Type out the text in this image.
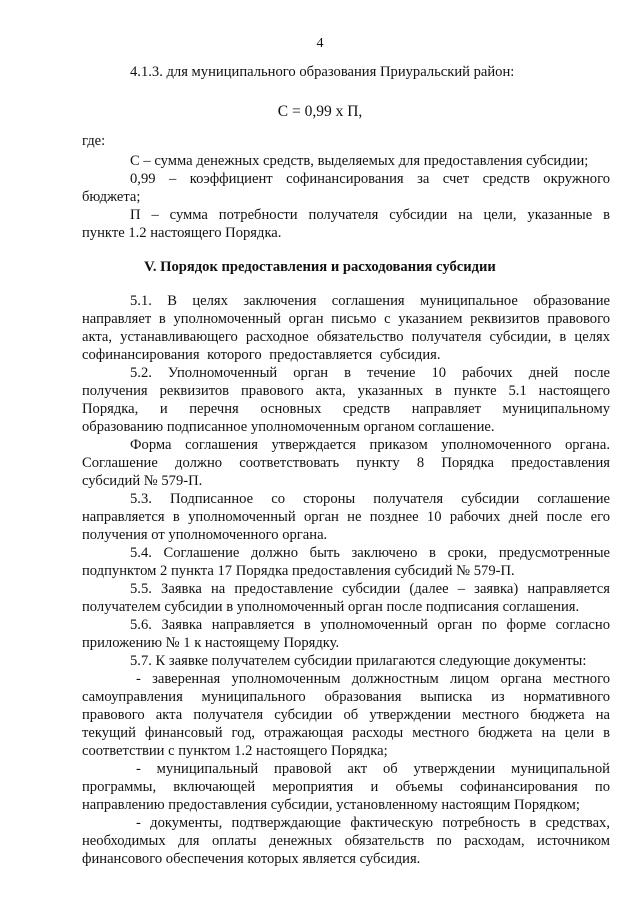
4
4.1.3. для муниципального образования Приуральский район:
С = 0,99 х П,
где:
С – сумма денежных средств, выделяемых для предоставления субсидии;
0,99 – коэффициент софинансирования за счет средств окружного
бюджета;
П – сумма потребности получателя субсидии на цели, указанные в
пункте 1.2 настоящего Порядка.
V. Порядок предоставления и расходования субсидии
5.1. В целях заключения соглашения муниципальное образование
направляет в уполномоченный орган письмо с указанием реквизитов правового
акта, устанавливающего расходное обязательство получателя субсидии, в целях
софинансирования которого предоставляется субсидия.
5.2. Уполномоченный орган в течение 10 рабочих дней после
получения реквизитов правового акта, указанных в пункте 5.1 настоящего
Порядка, и перечня основных средств направляет муниципальному
образованию подписанное уполномоченным органом соглашение.
Форма соглашения утверждается приказом уполномоченного органа.
Соглашение должно соответствовать пункту 8 Порядка предоставления
субсидий № 579-П.
5.3. Подписанное со стороны получателя субсидии соглашение
направляется в уполномоченный орган не позднее 10 рабочих дней после его
получения от уполномоченного органа.
5.4. Соглашение должно быть заключено в сроки, предусмотренные
подпунктом 2 пункта 17 Порядка предоставления субсидий № 579-П.
5.5. Заявка на предоставление субсидии (далее – заявка) направляется
получателем субсидии в уполномоченный орган после подписания соглашения.
5.6. Заявка направляется в уполномоченный орган по форме согласно
приложению № 1 к настоящему Порядку.
5.7. К заявке получателем субсидии прилагаются следующие документы:
- заверенная уполномоченным должностным лицом органа местного
самоуправления муниципального образования выписка из нормативного
правового акта получателя субсидии об утверждении местного бюджета на
текущий финансовый год, отражающая расходы местного бюджета на цели в
соответствии с пунктом 1.2 настоящего Порядка;
- муниципальный правовой акт об утверждении муниципальной
программы, включающей мероприятия и объемы софинансирования по
направлению предоставления субсидии, установленному настоящим Порядком;
- документы, подтверждающие фактическую потребность в средствах,
необходимых для оплаты денежных обязательств по расходам, источником
финансового обеспечения которых является субсидия.
